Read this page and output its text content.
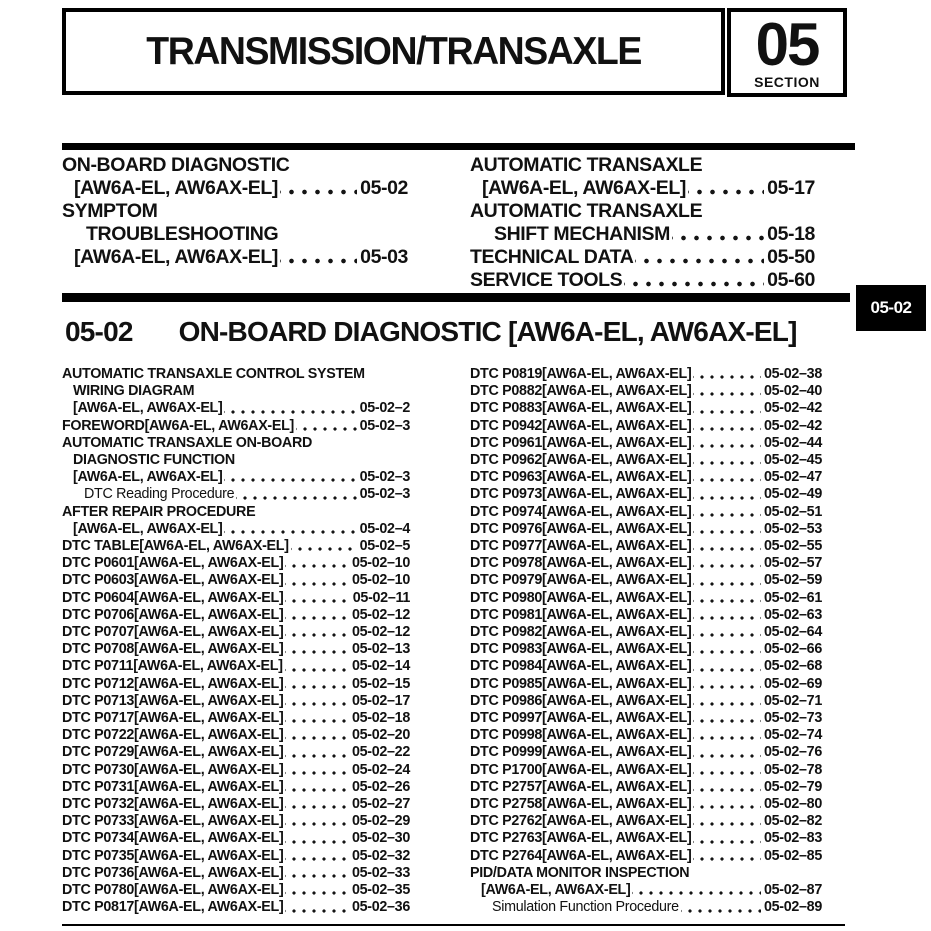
TRANSMISSION/TRANSAXLE 05
SECTION
05-02
ON-BOARD DIAGNOSTIC
[AW6A-EL, AW6AX-EL]	05-02
SYMPTOM
TROUBLESHOOTING
[AW6A-EL, AW6AX-EL]	05-03
AUTOMATIC TRANSAXLE
[AW6A-EL, AW6AX-EL]	05-17
AUTOMATIC TRANSAXLE
SHIFT MECHANISM	05-18
TECHNICAL DATA	05-50
SERVICE TOOLS	05-60
05-02 ON-BOARD DIAGNOSTIC [AW6A-EL, AW6AX-EL]
AUTOMATIC TRANSAXLE CONTROL SYSTEM
WIRING DIAGRAM
[AW6A-EL, AW6AX-EL]	05-02–2
FOREWORD[AW6A-EL, AW6AX-EL]	05-02–3
AUTOMATIC TRANSAXLE ON-BOARD
DIAGNOSTIC FUNCTION
[AW6A-EL, AW6AX-EL]	05-02–3
DTC Reading Procedure	05-02–3
AFTER REPAIR PROCEDURE
[AW6A-EL, AW6AX-EL]	05-02–4
DTC TABLE[AW6A-EL, AW6AX-EL]	05-02–5
DTC P0601[AW6A-EL, AW6AX-EL]	05-02–10
DTC P0603[AW6A-EL, AW6AX-EL]	05-02–10
DTC P0604[AW6A-EL, AW6AX-EL]	05-02–11
DTC P0706[AW6A-EL, AW6AX-EL]	05-02–12
DTC P0707[AW6A-EL, AW6AX-EL]	05-02–12
DTC P0708[AW6A-EL, AW6AX-EL]	05-02–13
DTC P0711[AW6A-EL, AW6AX-EL]	05-02–14
DTC P0712[AW6A-EL, AW6AX-EL]	05-02–15
DTC P0713[AW6A-EL, AW6AX-EL]	05-02–17
DTC P0717[AW6A-EL, AW6AX-EL]	05-02–18
DTC P0722[AW6A-EL, AW6AX-EL]	05-02–20
DTC P0729[AW6A-EL, AW6AX-EL]	05-02–22
DTC P0730[AW6A-EL, AW6AX-EL]	05-02–24
DTC P0731[AW6A-EL, AW6AX-EL]	05-02–26
DTC P0732[AW6A-EL, AW6AX-EL]	05-02–27
DTC P0733[AW6A-EL, AW6AX-EL]	05-02–29
DTC P0734[AW6A-EL, AW6AX-EL]	05-02–30
DTC P0735[AW6A-EL, AW6AX-EL]	05-02–32
DTC P0736[AW6A-EL, AW6AX-EL]	05-02–33
DTC P0780[AW6A-EL, AW6AX-EL]	05-02–35
DTC P0817[AW6A-EL, AW6AX-EL]	05-02–36
DTC P0819[AW6A-EL, AW6AX-EL]	05-02–38
DTC P0882[AW6A-EL, AW6AX-EL]	05-02–40
DTC P0883[AW6A-EL, AW6AX-EL]	05-02–42
DTC P0942[AW6A-EL, AW6AX-EL]	05-02–42
DTC P0961[AW6A-EL, AW6AX-EL]	05-02–44
DTC P0962[AW6A-EL, AW6AX-EL]	05-02–45
DTC P0963[AW6A-EL, AW6AX-EL]	05-02–47
DTC P0973[AW6A-EL, AW6AX-EL]	05-02–49
DTC P0974[AW6A-EL, AW6AX-EL]	05-02–51
DTC P0976[AW6A-EL, AW6AX-EL]	05-02–53
DTC P0977[AW6A-EL, AW6AX-EL]	05-02–55
DTC P0978[AW6A-EL, AW6AX-EL]	05-02–57
DTC P0979[AW6A-EL, AW6AX-EL]	05-02–59
DTC P0980[AW6A-EL, AW6AX-EL]	05-02–61
DTC P0981[AW6A-EL, AW6AX-EL]	05-02–63
DTC P0982[AW6A-EL, AW6AX-EL]	05-02–64
DTC P0983[AW6A-EL, AW6AX-EL]	05-02–66
DTC P0984[AW6A-EL, AW6AX-EL]	05-02–68
DTC P0985[AW6A-EL, AW6AX-EL]	05-02–69
DTC P0986[AW6A-EL, AW6AX-EL]	05-02–71
DTC P0997[AW6A-EL, AW6AX-EL]	05-02–73
DTC P0998[AW6A-EL, AW6AX-EL]	05-02–74
DTC P0999[AW6A-EL, AW6AX-EL]	05-02–76
DTC P1700[AW6A-EL, AW6AX-EL]	05-02–78
DTC P2757[AW6A-EL, AW6AX-EL]	05-02–79
DTC P2758[AW6A-EL, AW6AX-EL]	05-02–80
DTC P2762[AW6A-EL, AW6AX-EL]	05-02–82
DTC P2763[AW6A-EL, AW6AX-EL]	05-02–83
DTC P2764[AW6A-EL, AW6AX-EL]	05-02–85
PID/DATA MONITOR INSPECTION
[AW6A-EL, AW6AX-EL]	05-02–87
Simulation Function Procedure	05-02–89
